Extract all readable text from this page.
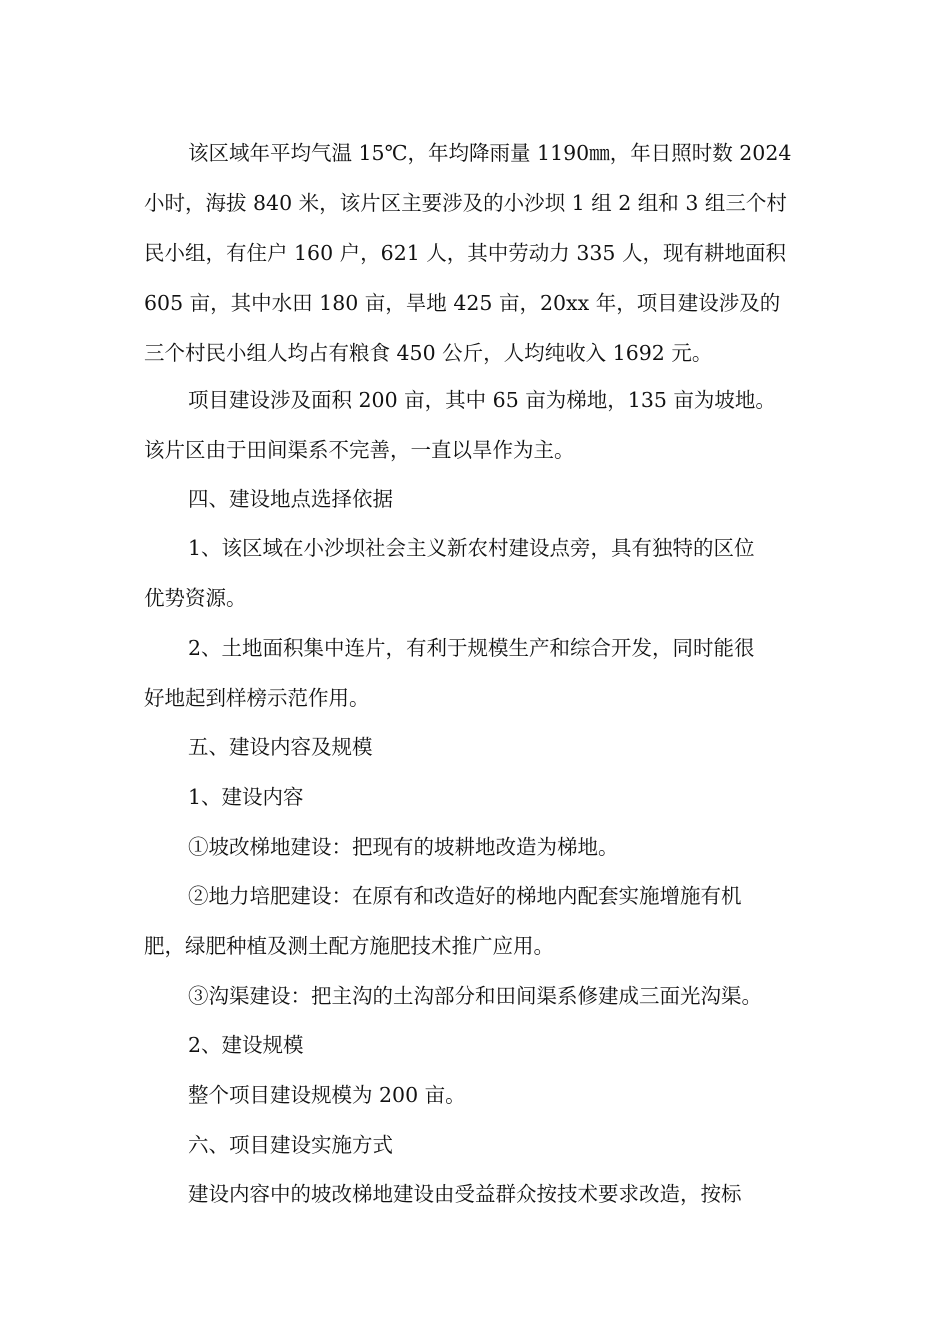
该区域年平均气温 15℃，年均降雨量 1190㎜，年日照时数 2024
小时，海拔 840 米，该片区主要涉及的小沙坝 1 组 2 组和 3 组三个村
民小组，有住户 160 户，621 人，其中劳动力 335 人，现有耕地面积
605 亩，其中水田 180 亩，旱地 425 亩，20xx 年，项目建设涉及的
三个村民小组人均占有粮食 450 公斤，人均纯收入 1692 元。

项目建设涉及面积 200 亩，其中 65 亩为梯地，135 亩为坡地。
该片区由于田间渠系不完善，一直以旱作为主。

四、建设地点选择依据

1、该区域在小沙坝社会主义新农村建设点旁，具有独特的区位
优势资源。

2、土地面积集中连片，有利于规模生产和综合开发，同时能很
好地起到样榜示范作用。

五、建设内容及规模

1、建设内容

①坡改梯地建设：把现有的坡耕地改造为梯地。

②地力培肥建设：在原有和改造好的梯地内配套实施增施有机
肥，绿肥种植及测土配方施肥技术推广应用。

③沟渠建设：把主沟的土沟部分和田间渠系修建成三面光沟渠。

2、建设规模

整个项目建设规模为 200 亩。

六、项目建设实施方式

建设内容中的坡改梯地建设由受益群众按技术要求改造，按标
